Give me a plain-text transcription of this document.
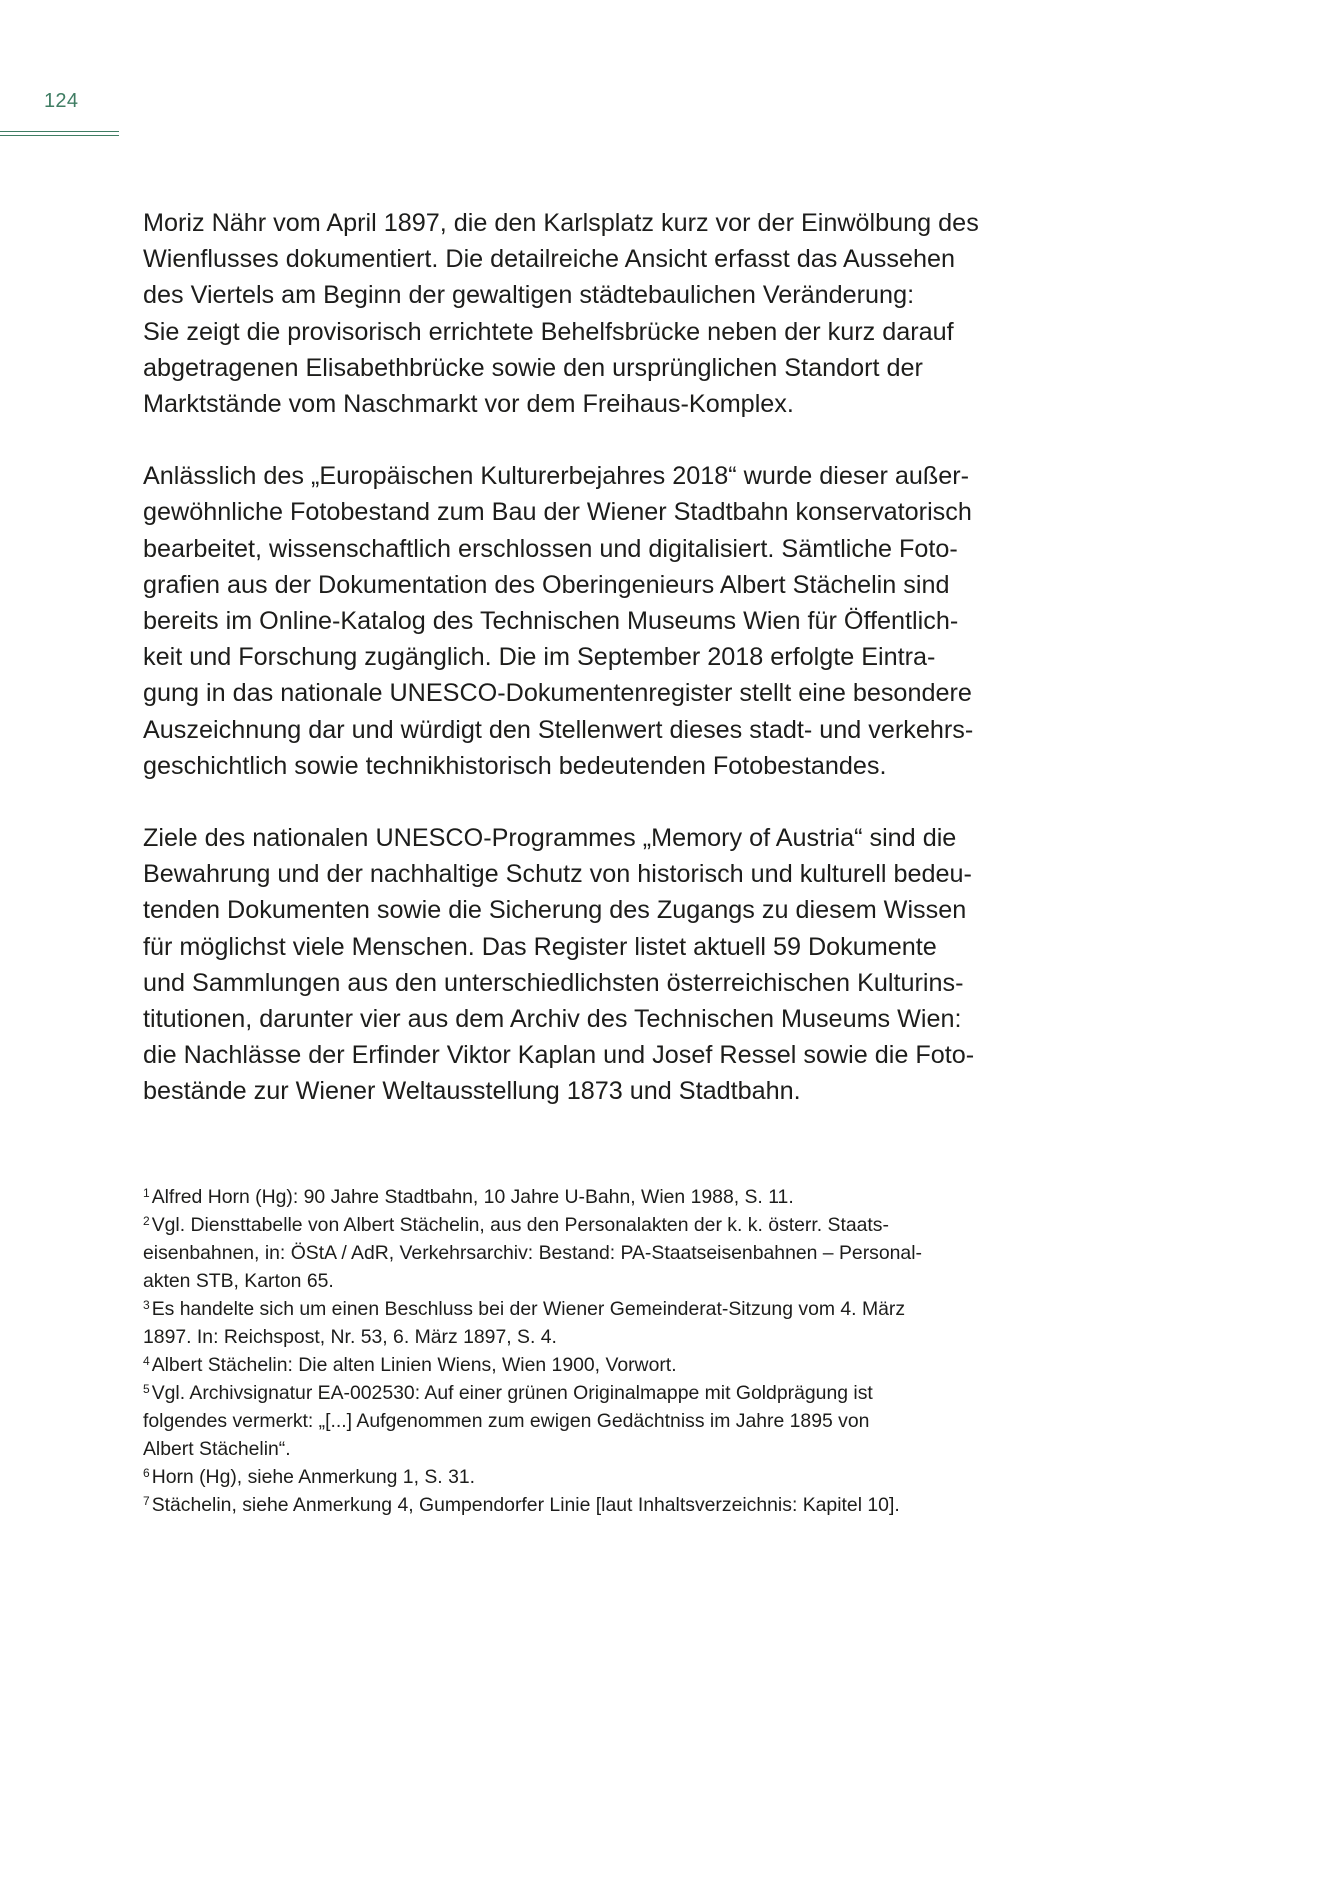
124

Moriz Nähr vom April 1897, die den Karlsplatz kurz vor der Einwölbung des
Wienflusses dokumentiert. Die detailreiche Ansicht erfasst das Aussehen
des Viertels am Beginn der gewaltigen städtebaulichen Veränderung:
Sie zeigt die provisorisch errichtete Behelfsbrücke neben der kurz darauf
abgetragenen Elisabethbrücke sowie den ursprünglichen Standort der
Marktstände vom Naschmarkt vor dem Freihaus-Komplex.

Anlässlich des „Europäischen Kulturerbejahres 2018“ wurde dieser außer-
gewöhnliche Fotobestand zum Bau der Wiener Stadtbahn konservatorisch
bearbeitet, wissenschaftlich erschlossen und digitalisiert. Sämtliche Foto-
grafien aus der Dokumentation des Oberingenieurs Albert Stächelin sind
bereits im Online-Katalog des Technischen Museums Wien für Öffentlich-
keit und Forschung zugänglich. Die im September 2018 erfolgte Eintra-
gung in das nationale UNESCO-Dokumentenregister stellt eine besondere
Auszeichnung dar und würdigt den Stellenwert dieses stadt- und verkehrs-
geschichtlich sowie technikhistorisch bedeutenden Fotobestandes.

Ziele des nationalen UNESCO-Programmes „Memory of Austria“ sind die
Bewahrung und der nachhaltige Schutz von historisch und kulturell bedeu-
tenden Dokumenten sowie die Sicherung des Zugangs zu diesem Wissen
für möglichst viele Menschen. Das Register listet aktuell 59 Dokumente
und Sammlungen aus den unterschiedlichsten österreichischen Kulturins-
titutionen, darunter vier aus dem Archiv des Technischen Museums Wien:
die Nachlässe der Erfinder Viktor Kaplan und Josef Ressel sowie die Foto-
bestände zur Wiener Weltausstellung 1873 und Stadtbahn.

$^1$ Alfred Horn (Hg): 90 Jahre Stadtbahn, 10 Jahre U-Bahn, Wien 1988, S. 11.
$^2$ Vgl. Diensttabelle von Albert Stächelin, aus den Personalakten der k. k. österr. Staats-
eisenbahnen, in: ÖStA / AdR, Verkehrsarchiv: Bestand: PA-Staatseisenbahnen – Personal-
akten STB, Karton 65.
$^3$ Es handelte sich um einen Beschluss bei der Wiener Gemeinderat-Sitzung vom 4. März
1897. In: Reichspost, Nr. 53, 6. März 1897, S. 4.
$^4$ Albert Stächelin: Die alten Linien Wiens, Wien 1900, Vorwort.
$^5$ Vgl. Archivsignatur EA-002530: Auf einer grünen Originalmappe mit Goldprägung ist
folgendes vermerkt: „[...] Aufgenommen zum ewigen Gedächtniss im Jahre 1895 von
Albert Stächelin“.
$^6$ Horn (Hg), siehe Anmerkung 1, S. 31.
$^7$ Stächelin, siehe Anmerkung 4, Gumpendorfer Linie [laut Inhaltsverzeichnis: Kapitel 10].
